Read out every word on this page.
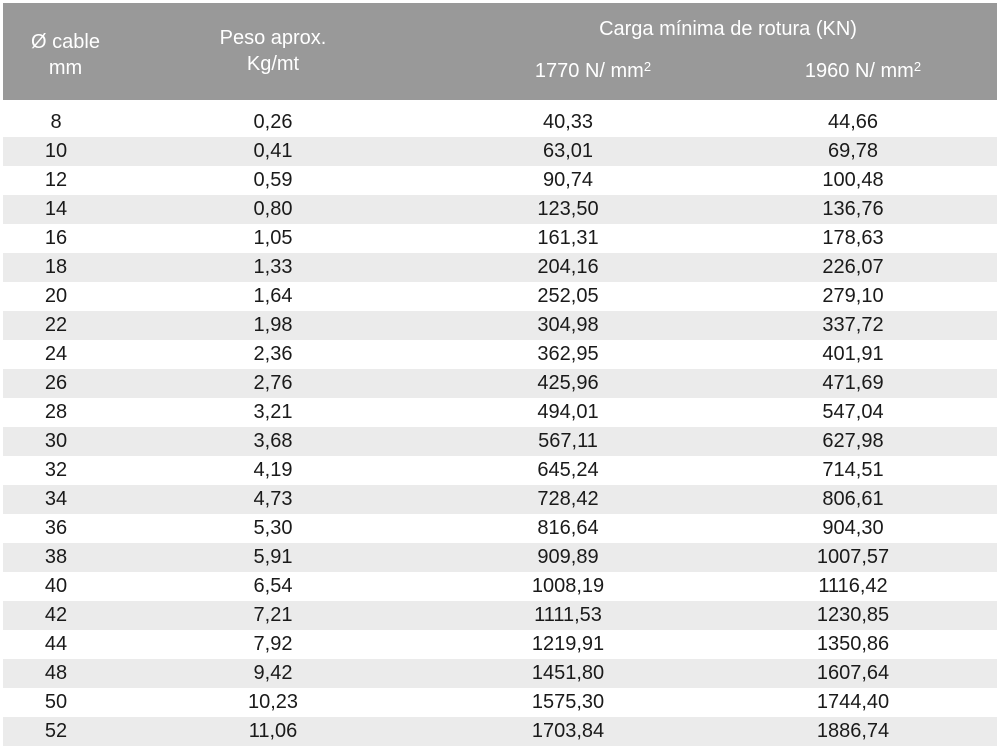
Ø cable
mm
Peso aprox.
Kg/mt
Carga mínima de rotura (KN)
1770 N/ $mm^2$	1960 N/ $mm^2$
8	0,26	40,33	44,66
10	0,41	63,01	69,78
12	0,59	90,74	100,48
14	0,80	123,50	136,76
16	1,05	161,31	178,63
18	1,33	204,16	226,07
20	1,64	252,05	279,10
22	1,98	304,98	337,72
24	2,36	362,95	401,91
26	2,76	425,96	471,69
28	3,21	494,01	547,04
30	3,68	567,11	627,98
32	4,19	645,24	714,51
34	4,73	728,42	806,61
36	5,30	816,64	904,30
38	5,91	909,89	1007,57
40	6,54	1008,19	1116,42
42	7,21	1111,53	1230,85
44	7,92	1219,91	1350,86
48	9,42	1451,80	1607,64
50	10,23	1575,30	1744,40
52	11,06	1703,84	1886,74
